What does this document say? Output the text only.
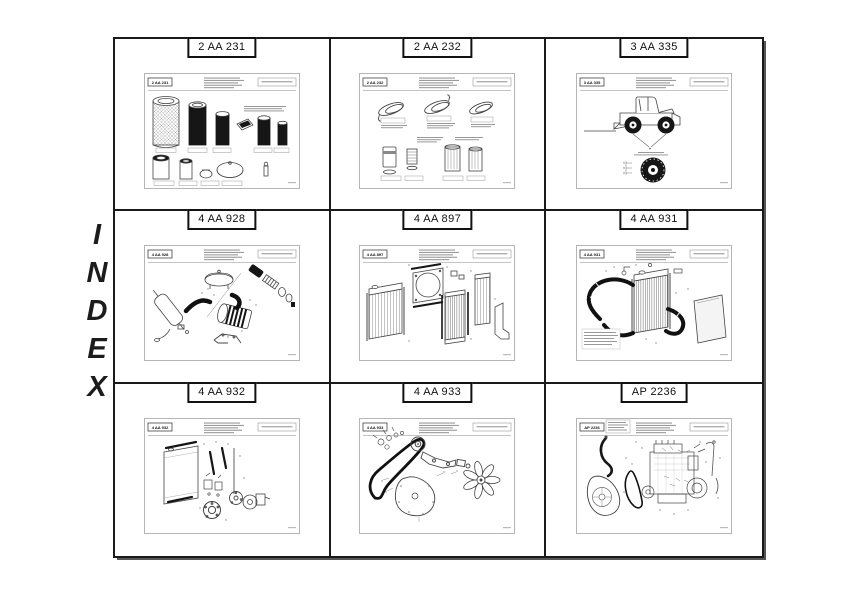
I
N
D
E
X
2 AA 231
2 AA 231
2 AA 232
2 AA 232
3 AA 335
3 AA 335
4 AA 928
4 AA 928
4 AA 897
4 AA 897
4 AA 931
4 AA 931
4 AA 932
4 AA 932
4 AA 933
4 AA 933
AP 2236
AP 2236
